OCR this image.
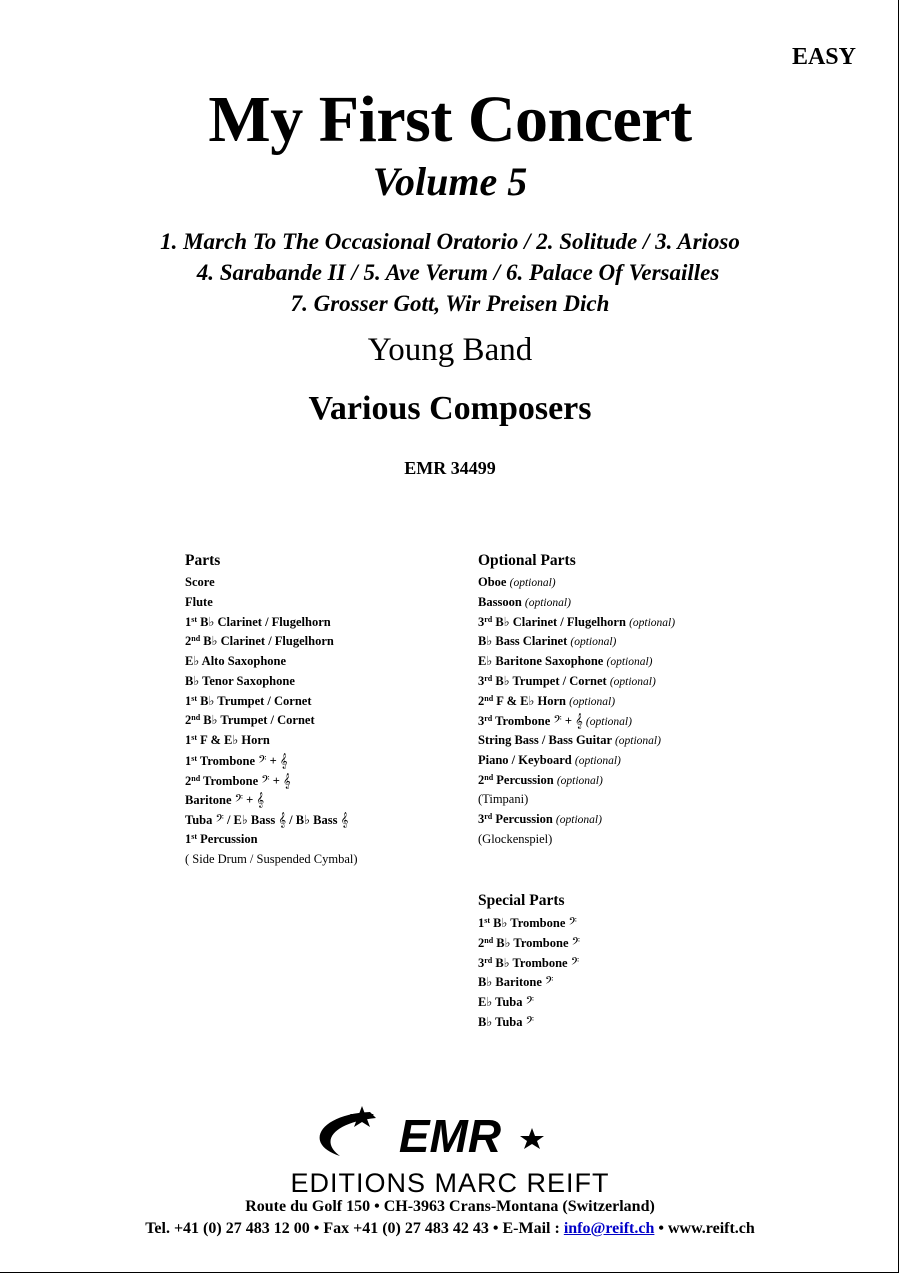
EASY
My First Concert
Volume 5
1. March To The Occasional Oratorio / 2. Solitude / 3. Arioso
4. Sarabande II / 5. Ave Verum / 6. Palace Of Versailles
7. Grosser Gott, Wir Preisen Dich
Young Band
Various Composers
EMR 34499
Parts
Score
Flute
1st B♭ Clarinet / Flugelhorn
2nd B♭ Clarinet / Flugelhorn
E♭ Alto Saxophone
B♭ Tenor Saxophone
1st B♭ Trumpet / Cornet
2nd B♭ Trumpet / Cornet
1st F & E♭ Horn
1st Trombone � + �
2nd Trombone � + �
Baritone � + �
Tuba � / E♭ Bass � / B♭ Bass �
1st Percussion
( Side Drum / Suspended Cymbal)
Optional Parts
Oboe (optional)
Bassoon (optional)
3rd B♭ Clarinet / Flugelhorn (optional)
B♭ Bass Clarinet (optional)
E♭ Baritone Saxophone (optional)
3rd B♭ Trumpet / Cornet (optional)
2nd F & E♭ Horn (optional)
3rd Trombone � + � (optional)
String Bass / Bass Guitar (optional)
Piano / Keyboard (optional)
2nd Percussion (optional)
(Timpani)
3rd Percussion (optional)
(Glockenspiel)
Special Parts
1st B♭ Trombone �
2nd B♭ Trombone �
3rd B♭ Trombone �
B♭ Baritone �
E♭ Tuba �
B♭ Tuba �
EMR
EDITIONS MARC REIFT
Route du Golf 150 • CH-3963 Crans-Montana (Switzerland)
Tel. +41 (0) 27 483 12 00 • Fax +41 (0) 27 483 42 43 • E-Mail : info@reift.ch • www.reift.ch
